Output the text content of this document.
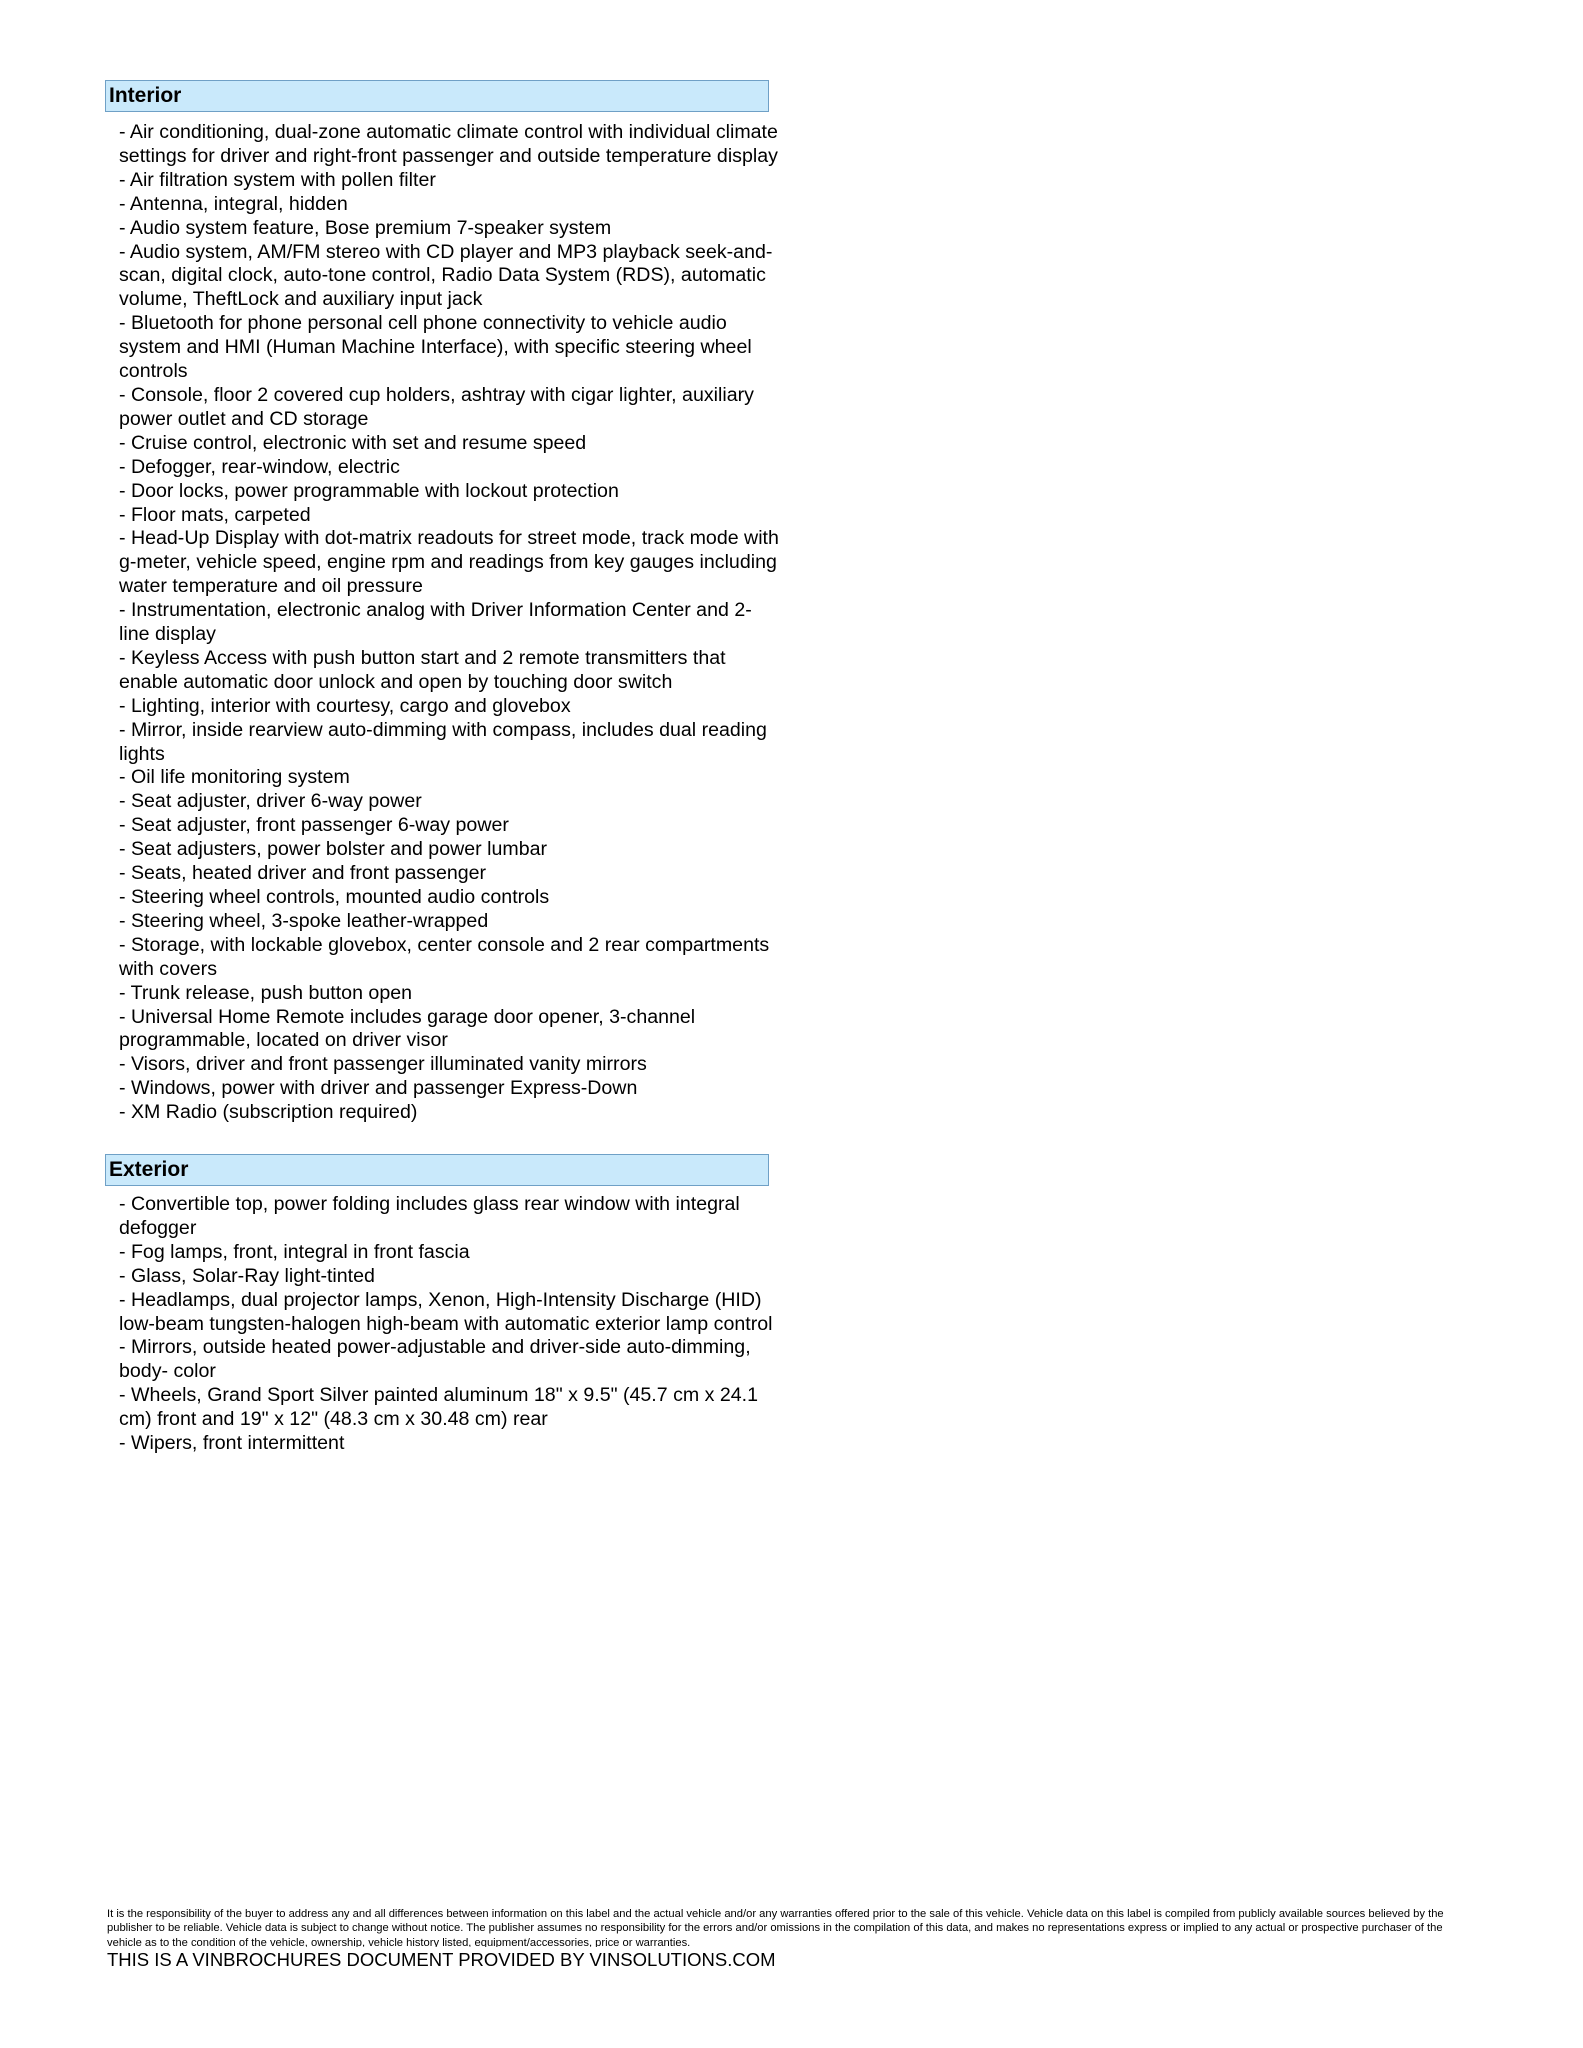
Interior
- Air conditioning, dual-zone automatic climate control with individual climate settings for driver and right-front passenger and outside temperature display
- Air filtration system with pollen filter
- Antenna, integral, hidden
- Audio system feature, Bose premium 7-speaker system
- Audio system, AM/FM stereo with CD player and MP3 playback seek-and-scan, digital clock, auto-tone control, Radio Data System (RDS), automatic volume, TheftLock and auxiliary input jack
- Bluetooth for phone personal cell phone connectivity to vehicle audio system and HMI (Human Machine Interface), with specific steering wheel controls
- Console, floor 2 covered cup holders, ashtray with cigar lighter, auxiliary power outlet and CD storage
- Cruise control, electronic with set and resume speed
- Defogger, rear-window, electric
- Door locks, power programmable with lockout protection
- Floor mats, carpeted
- Head-Up Display with dot-matrix readouts for street mode, track mode with g-meter, vehicle speed, engine rpm and readings from key gauges including water temperature and oil pressure
- Instrumentation, electronic analog with Driver Information Center and 2-line display
- Keyless Access with push button start and 2 remote transmitters that enable automatic door unlock and open by touching door switch
- Lighting, interior with courtesy, cargo and glovebox
- Mirror, inside rearview auto-dimming with compass, includes dual reading lights
- Oil life monitoring system
- Seat adjuster, driver 6-way power
- Seat adjuster, front passenger 6-way power
- Seat adjusters, power bolster and power lumbar
- Seats, heated driver and front passenger
- Steering wheel controls, mounted audio controls
- Steering wheel, 3-spoke leather-wrapped
- Storage, with lockable glovebox, center console and 2 rear compartments with covers
- Trunk release, push button open
- Universal Home Remote includes garage door opener, 3-channel programmable, located on driver visor
- Visors, driver and front passenger illuminated vanity mirrors
- Windows, power with driver and passenger Express-Down
- XM Radio (subscription required)
Exterior
- Convertible top, power folding includes glass rear window with integral defogger
- Fog lamps, front, integral in front fascia
- Glass, Solar-Ray light-tinted
- Headlamps, dual projector lamps, Xenon, High-Intensity Discharge (HID) low-beam tungsten-halogen high-beam with automatic exterior lamp control
- Mirrors, outside heated power-adjustable and driver-side auto-dimming, body- color
- Wheels, Grand Sport Silver painted aluminum 18" x 9.5" (45.7 cm x 24.1 cm) front and 19" x 12" (48.3 cm x 30.48 cm) rear
- Wipers, front intermittent
It is the responsibility of the buyer to address any and all differences between information on this label and the actual vehicle and/or any warranties offered prior to the sale of this vehicle. Vehicle data on this label is compiled from publicly available sources believed by the publisher to be reliable. Vehicle data is subject to change without notice. The publisher assumes no responsibility for the errors and/or omissions in the compilation of this data, and makes no representations express or implied to any actual or prospective purchaser of the vehicle as to the condition of the vehicle, ownership, vehicle history listed, equipment/accessories, price or warranties.
THIS IS A VINBROCHURES DOCUMENT PROVIDED BY VINSOLUTIONS.COM
